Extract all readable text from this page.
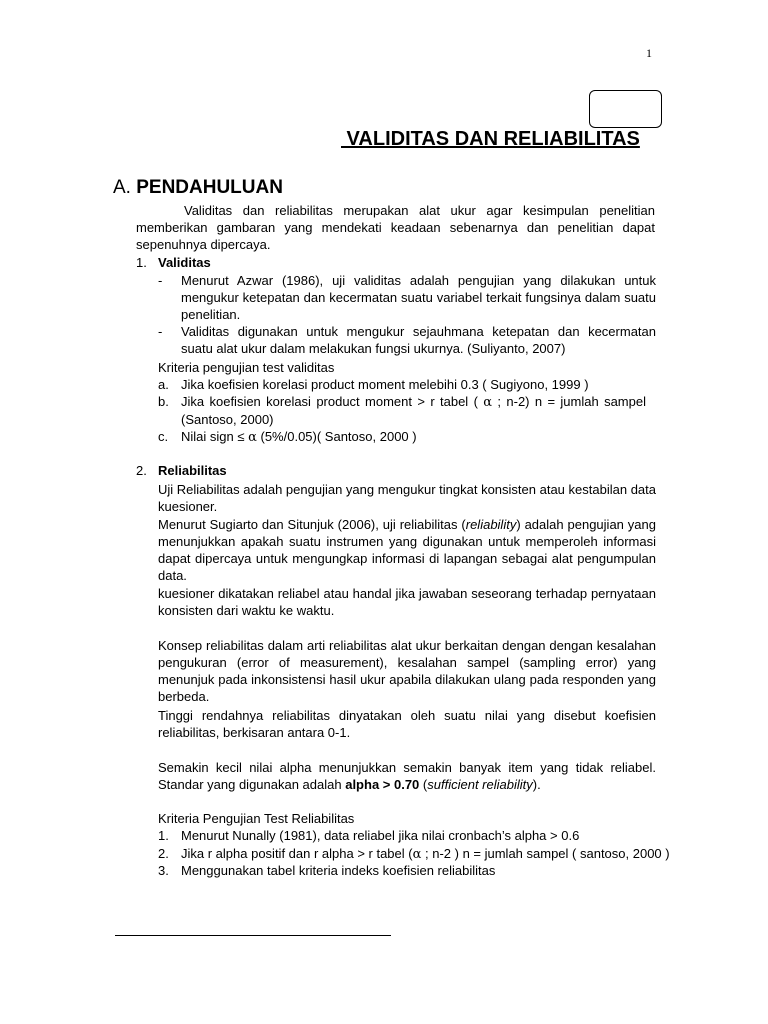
1
VALIDITAS DAN RELIABILITAS
A. PENDAHULUAN

Validitas dan reliabilitas merupakan alat ukur agar kesimpulan penelitian memberikan gambaran yang mendekati keadaan sebenarnya dan penelitian dapat sepenuhnya dipercaya.

1. Validitas
- Menurut Azwar (1986), uji validitas adalah pengujian yang dilakukan untuk mengukur ketepatan dan kecermatan suatu variabel terkait fungsinya dalam suatu penelitian.

- Validitas digunakan untuk mengukur sejauhmana ketepatan dan kecermatan suatu alat ukur dalam melakukan fungsi ukurnya. (Suliyanto, 2007)

Kriteria pengujian test validitas

a. Jika koefisien korelasi product moment melebihi 0.3 ( Sugiyono, 1999 )

b. Jika koefisien korelasi product moment > r tabel ( α ; n-2) n = jumlah sampel (Santoso, 2000)

c. Nilai sign ≤ α (5%/0.05)( Santoso, 2000 )

2. Reliabilitas

Uji Reliabilitas adalah pengujian yang mengukur tingkat konsisten atau kestabilan data kuesioner.

Menurut Sugiarto dan Situnjuk (2006), uji reliabilitas (reliability) adalah pengujian yang menunjukkan apakah suatu instrumen yang digunakan untuk memperoleh informasi dapat dipercaya untuk mengungkap informasi di lapangan sebagai alat pengumpulan data.

kuesioner dikatakan reliabel atau handal jika jawaban seseorang terhadap pernyataan konsisten dari waktu ke waktu.

Konsep reliabilitas dalam arti reliabilitas alat ukur berkaitan dengan dengan kesalahan pengukuran (error of measurement), kesalahan sampel (sampling error) yang menunjuk pada inkonsistensi hasil ukur apabila dilakukan ulang pada responden yang berbeda.

Tinggi rendahnya reliabilitas dinyatakan oleh suatu nilai yang disebut koefisien reliabilitas, berkisaran antara 0-1.

Semakin kecil nilai alpha menunjukkan semakin banyak item yang tidak reliabel. Standar yang digunakan adalah alpha > 0.70 (sufficient reliability).

Kriteria Pengujian Test Reliabilitas

1. Menurut Nunally (1981), data reliabel jika nilai cronbach’s alpha > 0.6

2. Jika r alpha positif dan r alpha > r tabel (α ; n-2 ) n = jumlah sampel ( santoso, 2000 )

3. Menggunakan tabel kriteria indeks koefisien reliabilitas
